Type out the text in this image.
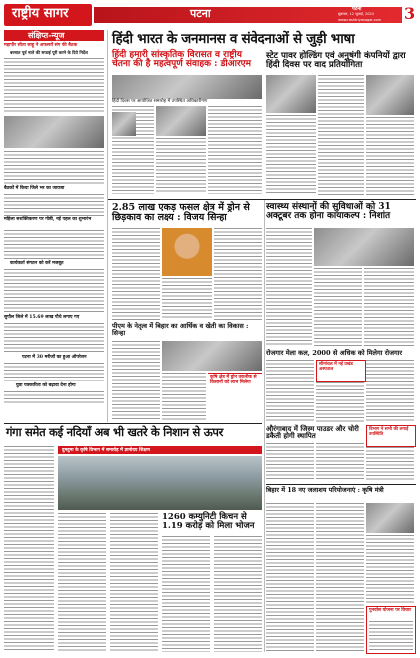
राष्ट्रीय सागर	पटना	पटना
शुक्रवार, 12 जुलाई, 2024
www.rashtriyasagar.com 3
संक्षिप्त-न्यूज
महापौर सीता साहू ने अफसरों संग की बैठक
बरसात पूर्व नाले की सफाई पूरी करने के दिये निर्देश
बैठकों में किया जिले भर का जायजा
महिला सशक्तिकरण पर गोष्ठी, नई पहल का शुभारंभ
कार्यकर्ता संगठन को करें मजबूत
सुपौल जिले में 15.69 लाख पौधे लगाए गए
पटना में 30 मरीजों का हुआ ऑपरेशन
युवा पत्रकारिता को बढ़ावा देना होगा
हिंदी भारत के जनमानस व संवेदनाओं से जुड़ी भाषा
हिंदी हमारी सांस्कृतिक विरासत व राष्ट्रीय चेतना की है महत्वपूर्ण संवाहक : डीआरएम
हिंदी दिवस पर आयोजित समारोह में उपस्थित अधिकारीगण
स्टेट पावर होल्डिंग एवं अनुषंगी कंपनियों द्वारा हिंदी दिवस पर वाद प्रतियोगिता
2.85 लाख एकड़ फसल क्षेत्र में ड्रोन से छिड़काव का लक्ष्य : विजय सिन्हा
पीएम के नेतृत्व में बिहार का आर्थिक व खेती का विकास : सिन्हा
कृषि क्षेत्र में ड्रोन तकनीक से किसानों को लाभ मिलेगा
स्वास्थ्य संस्थानों की सुविधाओं को 31 अक्टूबर तक होना कायाकल्प : निशांत
रोजगार मेला कल, 2000 से अधिक को मिलेगा रोजगार
सीमांचल में नई प्रखंड अस्पताल
औरंगाबाद में जिस्म पाउडर और चोरी डकैती होगी स्थापित
विभाग ने सभी की लगाई उपस्थिति
गंगा समेत कई नदियाँ अब भी खतरे के निशान से ऊपर
दुमदुमा के कृषि विभाग में समारोह में ज्ञानोदय शिक्षण
1260 कम्युनिटी किचन से 1.19 करोड़ को मिला भोजन
बिहार में 18 नए जलाशय परियोजनाएं : कृषि मंत्री
पुनर्वास योजना पर विचार
